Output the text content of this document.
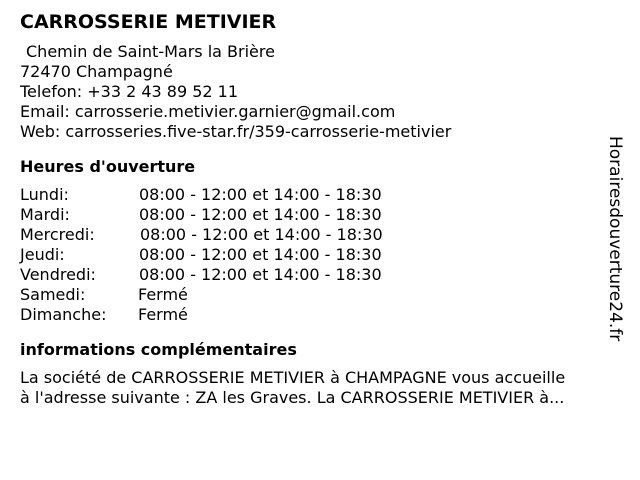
CARROSSERIE METIVIER
Chemin de Saint-Mars la Brière
72470 Champagné
Telefon: +33 2 43 89 52 11
Email: carrosserie.metivier.garnier@gmail.com
Web: carrosseries.five-star.fr/359-carrosserie-metivier
Heures d'ouverture
Lundi:	08:00 - 12:00 et 14:00 - 18:30
Mardi:	08:00 - 12:00 et 14:00 - 18:30
Mercredi:	08:00 - 12:00 et 14:00 - 18:30
Jeudi:	08:00 - 12:00 et 14:00 - 18:30
Vendredi:	08:00 - 12:00 et 14:00 - 18:30
Samedi:	Fermé
Dimanche:	Fermé
informations complémentaires
La société de CARROSSERIE METIVIER à CHAMPAGNE vous accueille
à l'adresse suivante : ZA les Graves. La CARROSSERIE METIVIER à...
Horairesdouverture24.fr
